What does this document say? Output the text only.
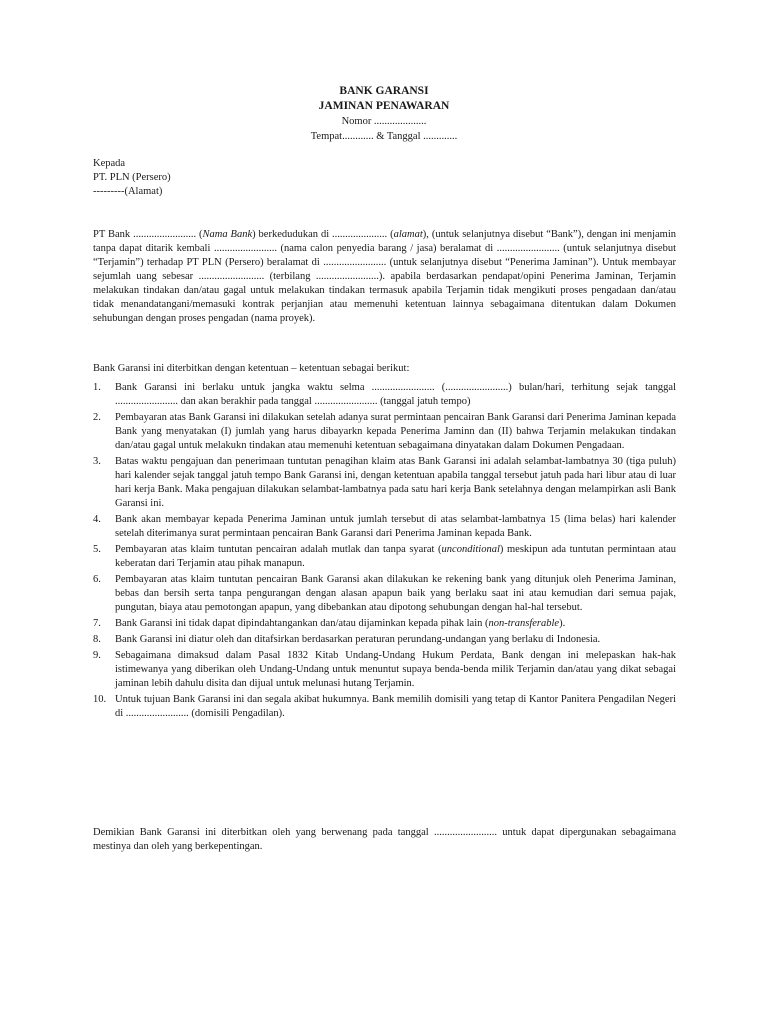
BANK GARANSI
JAMINAN PENAWARAN
Nomor ....................
Tempat............ & Tanggal .............
Kepada
PT. PLN (Persero)
---------(Alamat)
PT Bank ........................ (Nama Bank) berkedudukan di ..................... (alamat), (untuk selanjutnya disebut “Bank”), dengan ini menjamin tanpa dapat ditarik kembali ........................ (nama calon penyedia barang / jasa) beralamat di ........................ (untuk selanjutnya disebut “Terjamin”) terhadap PT PLN (Persero) beralamat di ........................ (untuk selanjutnya disebut “Penerima Jaminan”). Untuk membayar sejumlah uang sebesar ......................... (terbilang ........................). apabila berdasarkan pendapat/opini Penerima Jaminan, Terjamin melakukan tindakan dan/atau gagal untuk melakukan tindakan termasuk apabila Terjamin tidak mengikuti proses pengadaan dan/atau tidak menandatangani/memasuki kontrak perjanjian atau memenuhi ketentuan lainnya sebagaimana ditentukan dalam Dokumen sehubungan dengan proses pengadan (nama proyek).
Bank Garansi ini diterbitkan dengan ketentuan – ketentuan sebagai berikut:
1.	Bank Garansi ini berlaku untuk jangka waktu selma ........................ (........................) bulan/hari, terhitung sejak tanggal ........................ dan akan berakhir pada tanggal ........................ (tanggal jatuh tempo)
2.	Pembayaran atas Bank Garansi ini dilakukan setelah adanya surat permintaan pencairan Bank Garansi dari Penerima Jaminan kepada Bank yang menyatakan (I) jumlah yang harus dibayarkn kepada Penerima Jaminn dan (II) bahwa Terjamin melakukan tindakan dan/atau gagal untuk melakukn tindakan atau memenuhi ketentuan sebagaimana dinyatakan dalam Dokumen Pengadaan.
3.	Batas waktu pengajuan dan penerimaan tuntutan penagihan klaim atas Bank Garansi ini adalah selambat-lambatnya 30 (tiga puluh) hari kalender sejak tanggal jatuh tempo Bank Garansi ini, dengan ketentuan apabila tanggal tersebut jatuh pada hari libur atau di luar hari kerja Bank. Maka pengajuan dilakukan selambat-lambatnya pada satu hari kerja Bank setelahnya dengan melampirkan asli Bank Garansi ini.
4.	Bank akan membayar kepada Penerima Jaminan untuk jumlah tersebut di atas selambat-lambatnya 15 (lima belas) hari kalender setelah diterimanya surat permintaan pencairan Bank Garansi dari Penerima Jaminan kepada Bank.
5.	Pembayaran atas klaim tuntutan pencairan adalah mutlak dan tanpa syarat (unconditional) meskipun ada tuntutan permintaan atau keberatan dari Terjamin atau pihak manapun.
6.	Pembayaran atas klaim tuntutan pencairan Bank Garansi akan dilakukan ke rekening bank yang ditunjuk oleh Penerima Jaminan, bebas dan bersih serta tanpa pengurangan dengan alasan apapun baik yang berlaku saat ini atau kemudian dari semua pajak, pungutan, biaya atau pemotongan apapun, yang dibebankan atau dipotong sehubungan dengan hal-hal tersebut.
7.	Bank Garansi ini tidak dapat dipindahtangankan dan/atau dijaminkan kepada pihak lain (non-transferable).
8.	Bank Garansi ini diatur oleh dan ditafsirkan berdasarkan peraturan perundang-undangan yang berlaku di Indonesia.
9.	Sebagaimana dimaksud dalam Pasal 1832 Kitab Undang-Undang Hukum Perdata, Bank dengan ini melepaskan hak-hak istimewanya yang diberikan oleh Undang-Undang untuk menuntut supaya benda-benda milik Terjamin dan/atau yang dikat sebagai jaminan lebih dahulu disita dan dijual untuk melunasi hutang Terjamin.
10. Untuk tujuan Bank Garansi ini dan segala akibat hukumnya. Bank memilih domisili yang tetap di Kantor Panitera Pengadilan Negeri di ........................ (domisili Pengadilan).
Demikian Bank Garansi ini diterbitkan oleh yang berwenang pada tanggal ........................ untuk dapat dipergunakan sebagaimana mestinya dan oleh yang berkepentingan.
